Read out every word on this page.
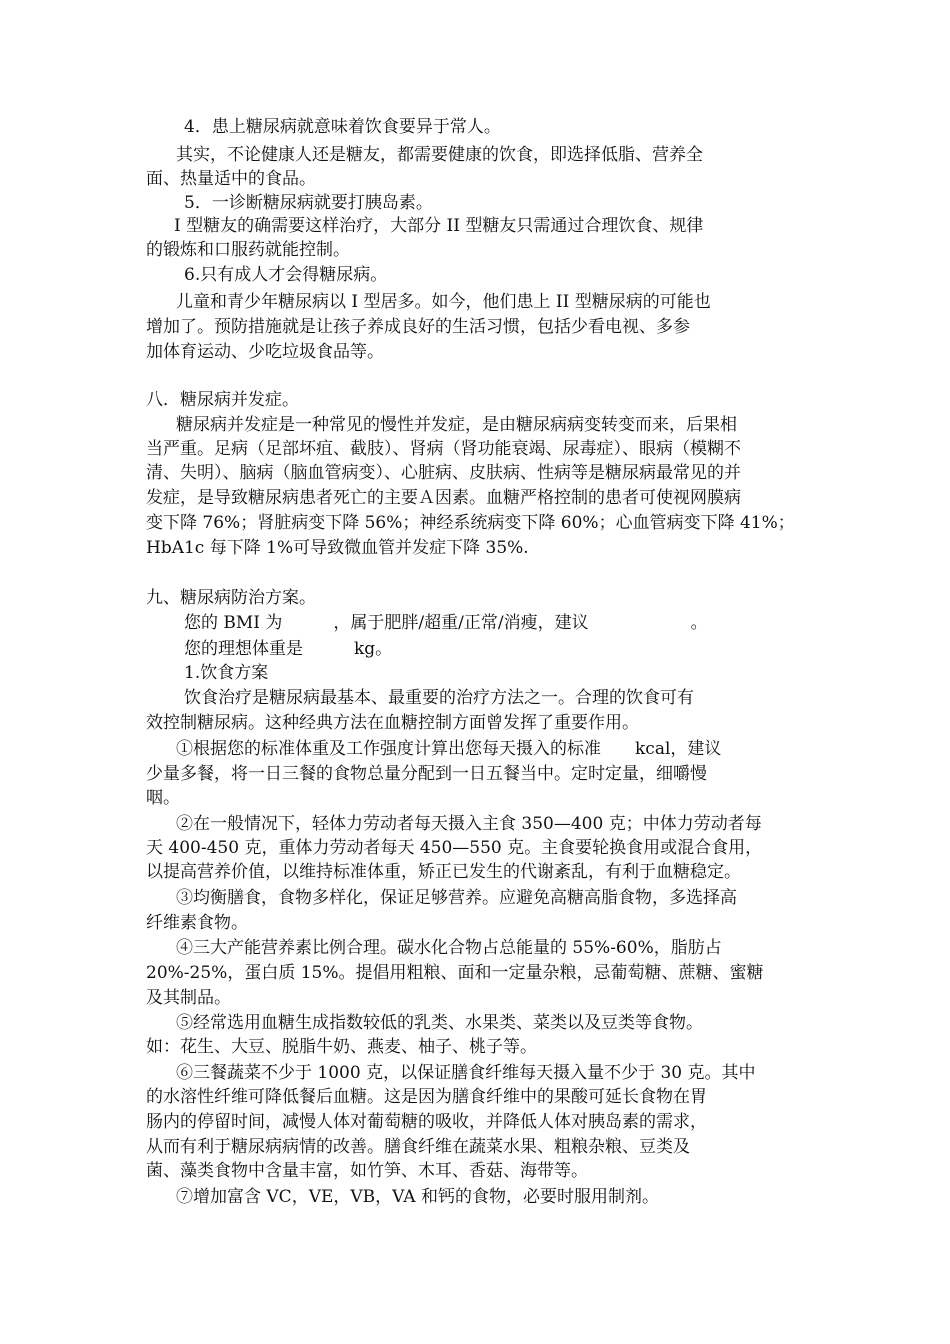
4．患上糖尿病就意味着饮食要异于常人。
其实，不论健康人还是糖友，都需要健康的饮食，即选择低脂、营养全
面、热量适中的食品。
5．一诊断糖尿病就要打胰岛素。
I 型糖友的确需要这样治疗，大部分 II 型糖友只需通过合理饮食、规律
的锻炼和口服药就能控制。
6.只有成人才会得糖尿病。
儿童和青少年糖尿病以 I 型居多。如今，他们患上 II 型糖尿病的可能也
增加了。预防措施就是让孩子养成良好的生活习惯，包括少看电视、多参
加体育运动、少吃垃圾食品等。
八．糖尿病并发症。
糖尿病并发症是一种常见的慢性并发症，是由糖尿病病变转变而来，后果相
当严重。足病（足部坏疽、截肢）、肾病（肾功能衰竭、尿毒症）、眼病（模糊不
清、失明）、脑病（脑血管病变）、心脏病、皮肤病、性病等是糖尿病最常见的并
发症，是导致糖尿病患者死亡的主要Ａ因素。血糖严格控制的患者可使视网膜病
变下降 76%；肾脏病变下降 56%；神经系统病变下降 60%；心血管病变下降 41%；
HbA1c 每下降 1%可导致微血管并发症下降 35%.
九、糖尿病防治方案。
您的 BMI 为　　　，属于肥胖/超重/正常/消瘦，建议　　　　　　。
您的理想体重是　　　kg。
1.饮食方案
饮食治疗是糖尿病最基本、最重要的治疗方法之一。合理的饮食可有
效控制糖尿病。这种经典方法在血糖控制方面曾发挥了重要作用。
①根据您的标准体重及工作强度计算出您每天摄入的标准　　kcal，建议
少量多餐，将一日三餐的食物总量分配到一日五餐当中。定时定量，细嚼慢
咽。
②在一般情况下，轻体力劳动者每天摄入主食 350—400 克；中体力劳动者每
天 400-450 克，重体力劳动者每天 450—550 克。主食要轮换食用或混合食用，
以提高营养价值，以维持标准体重，矫正已发生的代谢紊乱，有利于血糖稳定。
③均衡膳食，食物多样化，保证足够营养。应避免高糖高脂食物，多选择高
纤维素食物。
④三大产能营养素比例合理。碳水化合物占总能量的 55%-60%，脂肪占
20%-25%，蛋白质 15%。提倡用粗粮、面和一定量杂粮，忌葡萄糖、蔗糖、蜜糖
及其制品。
⑤经常选用血糖生成指数较低的乳类、水果类、菜类以及豆类等食物。
如：花生、大豆、脱脂牛奶、燕麦、柚子、桃子等。
⑥三餐蔬菜不少于 1000 克，以保证膳食纤维每天摄入量不少于 30 克。其中
的水溶性纤维可降低餐后血糖。这是因为膳食纤维中的果酸可延长食物在胃
肠内的停留时间，减慢人体对葡萄糖的吸收，并降低人体对胰岛素的需求，
从而有利于糖尿病病情的改善。膳食纤维在蔬菜水果、粗粮杂粮、豆类及
菌、藻类食物中含量丰富，如竹笋、木耳、香菇、海带等。
⑦增加富含 VC，VE，VB，VA 和钙的食物，必要时服用制剂。
